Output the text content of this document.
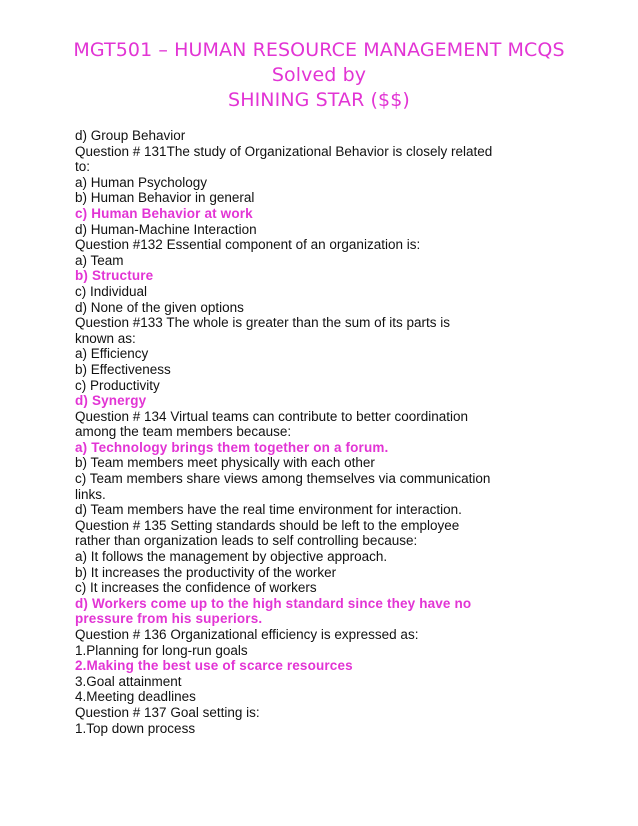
MGT501 – HUMAN RESOURCE MANAGEMENT MCQS
Solved by
SHINING STAR ($$)
d) Group Behavior
Question # 131The study of Organizational Behavior is closely related
to:
a) Human Psychology
b) Human Behavior in general
c) Human Behavior at work
d) Human-Machine Interaction
Question #132 Essential component of an organization is:
a) Team
b) Structure
c) Individual
d) None of the given options
Question #133 The whole is greater than the sum of its parts is
known as:
a) Efficiency
b) Effectiveness
c) Productivity
d) Synergy
Question # 134 Virtual teams can contribute to better coordination
among the team members because:
a) Technology brings them together on a forum.
b) Team members meet physically with each other
c) Team members share views among themselves via communication
links.
d) Team members have the real time environment for interaction.
Question # 135 Setting standards should be left to the employee
rather than organization leads to self controlling because:
a) It follows the management by objective approach.
b) It increases the productivity of the worker
c) It increases the confidence of workers
d) Workers come up to the high standard since they have no
pressure from his superiors.
Question # 136 Organizational efficiency is expressed as:
1.Planning for long-run goals
2.Making the best use of scarce resources
3.Goal attainment
4.Meeting deadlines
Question # 137 Goal setting is:
1.Top down process
